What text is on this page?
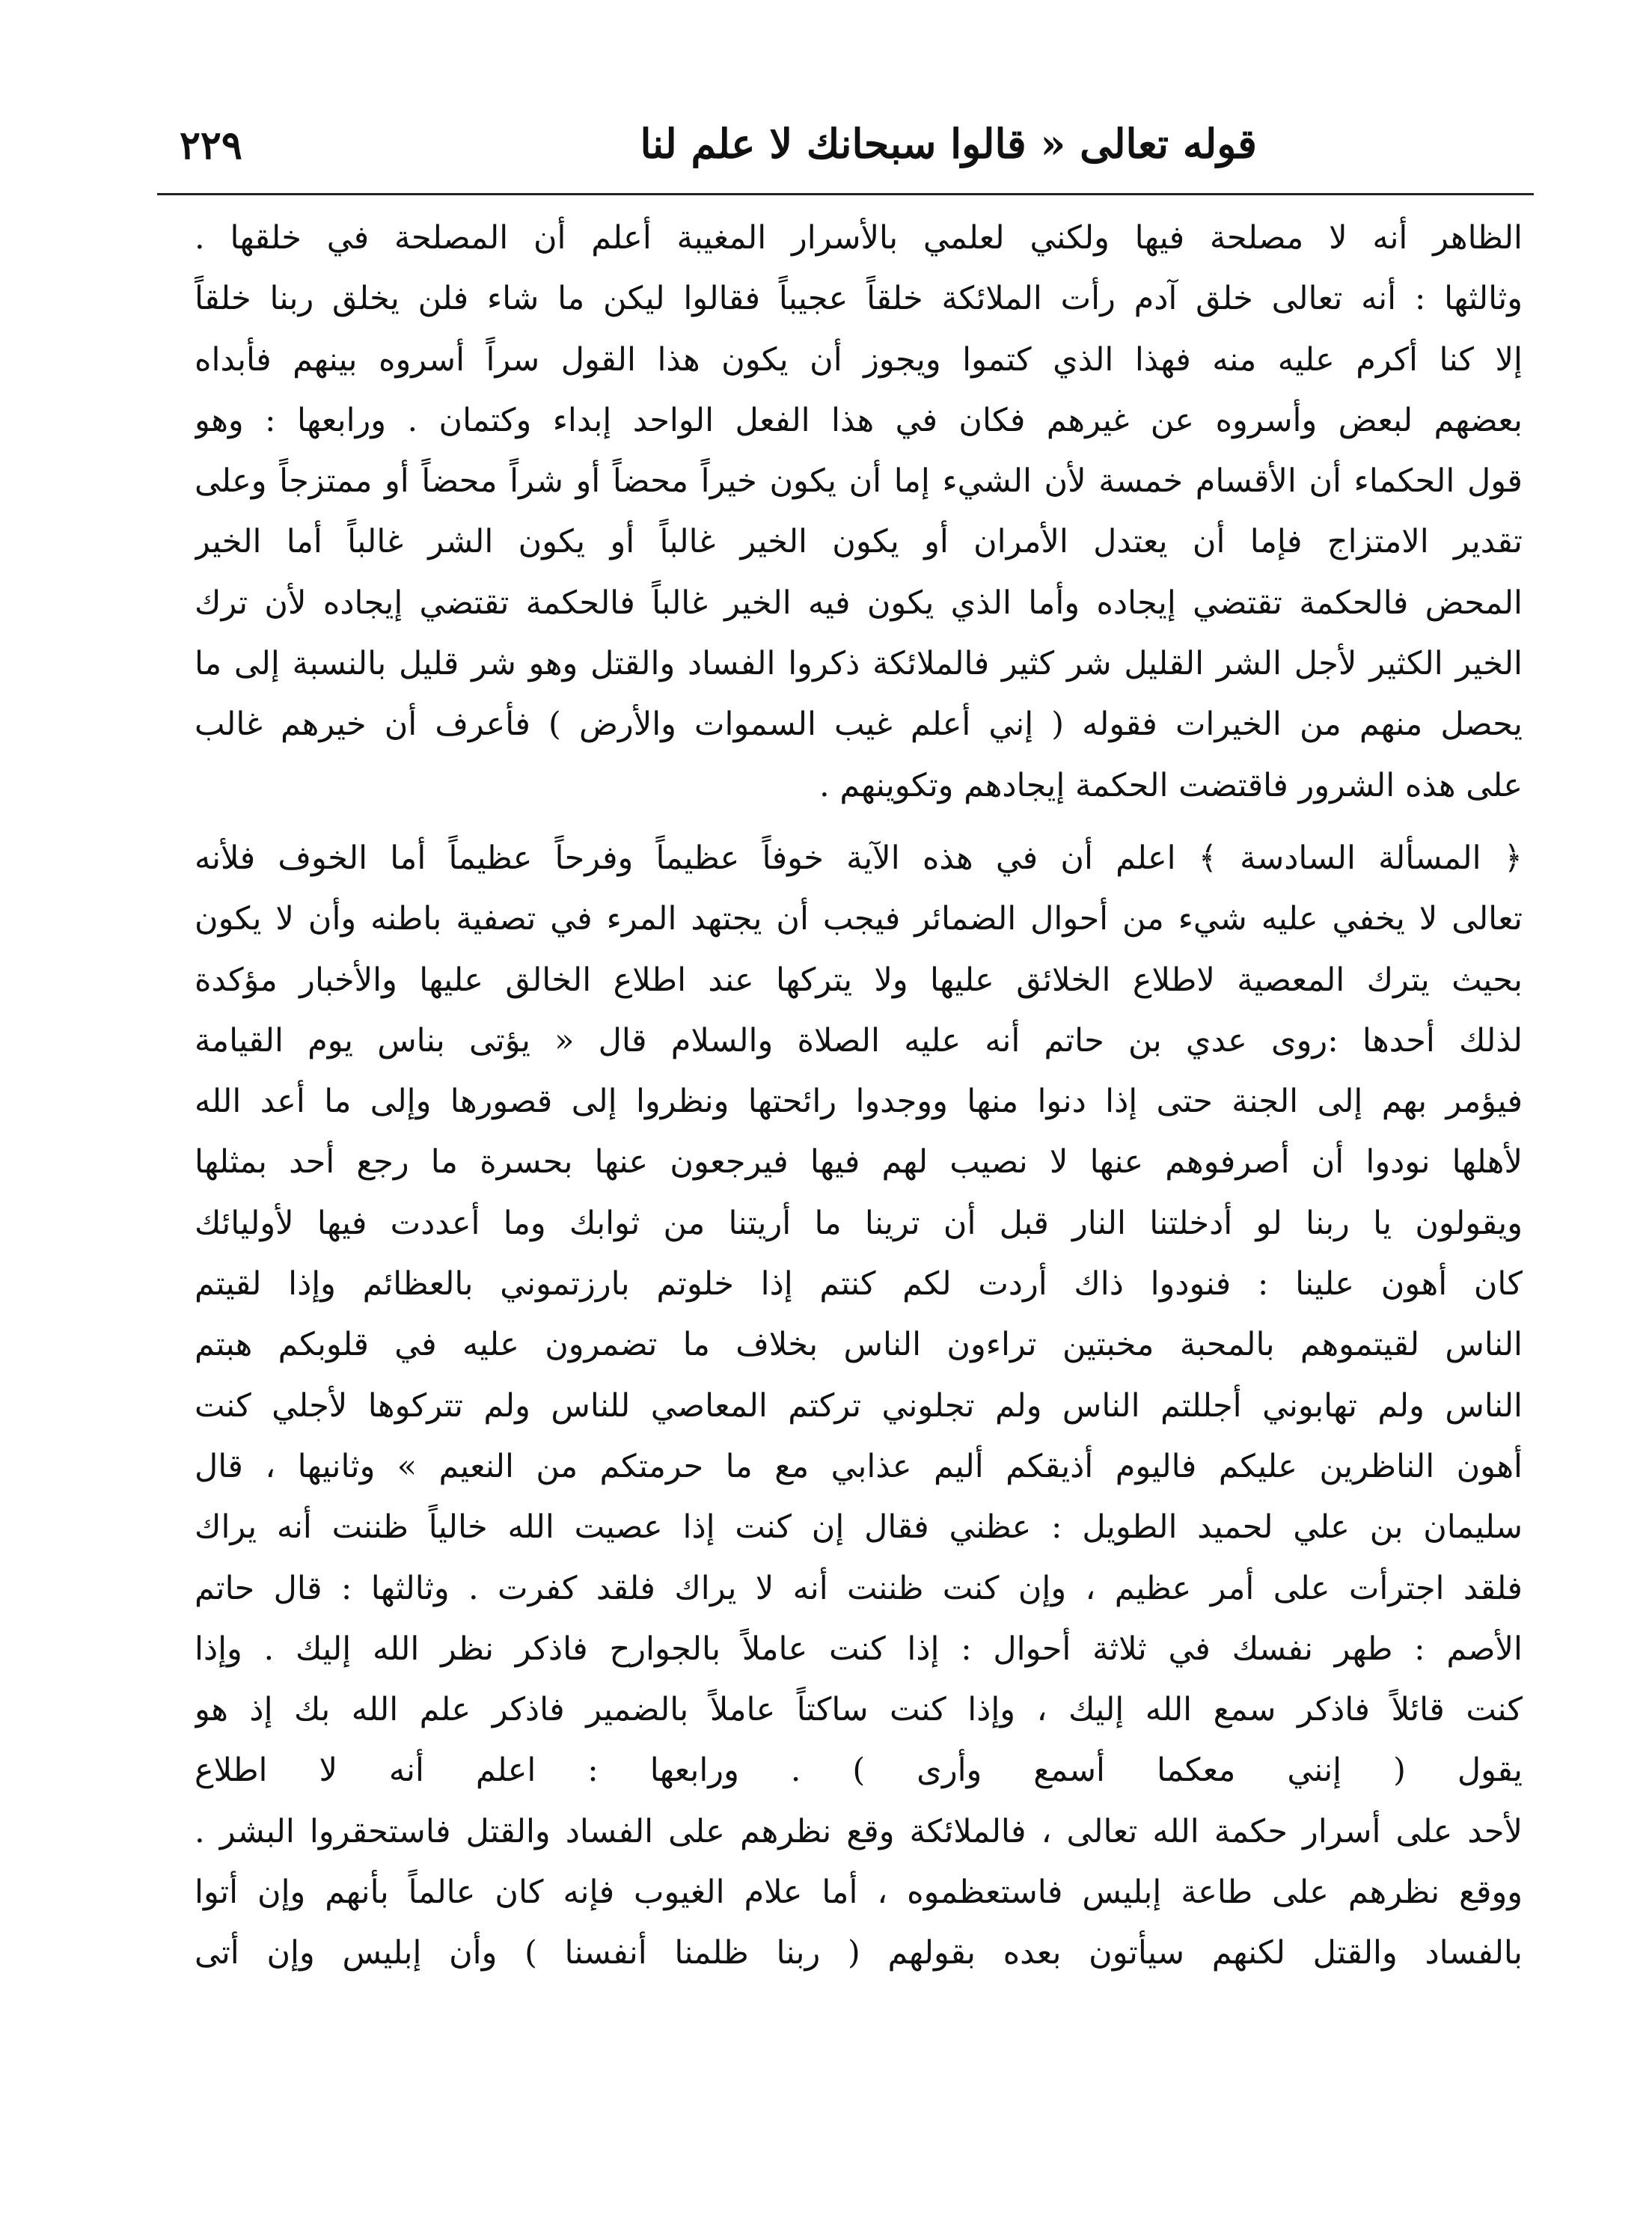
قوله تعالى « قالوا سبحانك لا علم لنا
٢٢٩
الظاهر أنه لا مصلحة فيها ولكني لعلمي بالأسرار المغيبة أعلم أن المصلحة في خلقها .
وثالثها : أنه تعالى خلق آدم رأت الملائكة خلقاً عجيباً فقالوا ليكن ما شاء فلن يخلق ربنا خلقاً
إلا كنا أكرم عليه منه فهذا الذي كتموا ويجوز أن يكون هذا القول سراً أسروه بينهم فأبداه
بعضهم لبعض وأسروه عن غيرهم فكان في هذا الفعل الواحد إبداء وكتمان . ورابعها : وهو
قول الحكماء أن الأقسام خمسة لأن الشيء إما أن يكون خيراً محضاً أو شراً محضاً أو ممتزجاً وعلى
تقدير الامتزاج فإما أن يعتدل الأمران أو يكون الخير غالباً أو يكون الشر غالباً أما الخير
المحض فالحكمة تقتضي إيجاده وأما الذي يكون فيه الخير غالباً فالحكمة تقتضي إيجاده لأن ترك
الخير الكثير لأجل الشر القليل شر كثير فالملائكة ذكروا الفساد والقتل وهو شر قليل بالنسبة إلى ما
يحصل منهم من الخيرات فقوله ( إني أعلم غيب السموات والأرض ) فأعرف أن خيرهم غالب
على هذه الشرور فاقتضت الحكمة إيجادهم وتكوينهم .
﴿ المسألة السادسة ﴾ اعلم أن في هذه الآية خوفاً عظيماً وفرحاً عظيماً أما الخوف فلأنه
تعالى لا يخفي عليه شيء من أحوال الضمائر فيجب أن يجتهد المرء في تصفية باطنه وأن لا يكون
بحيث يترك المعصية لاطلاع الخلائق عليها ولا يتركها عند اطلاع الخالق عليها والأخبار مؤكدة
لذلك أحدها :روى عدي بن حاتم أنه عليه الصلاة والسلام قال « يؤتى بناس يوم القيامة
فيؤمر بهم إلى الجنة حتى إذا دنوا منها ووجدوا رائحتها ونظروا إلى قصورها وإلى ما أعد الله
لأهلها نودوا أن أصرفوهم عنها لا نصيب لهم فيها فيرجعون عنها بحسرة ما رجع أحد بمثلها
ويقولون يا ربنا لو أدخلتنا النار قبل أن ترينا ما أريتنا من ثوابك وما أعددت فيها لأوليائك
كان أهون علينا : فنودوا ذاك أردت لكم كنتم إذا خلوتم بارزتموني بالعظائم وإذا لقيتم
الناس لقيتموهم بالمحبة مخبتين تراءون الناس بخلاف ما تضمرون عليه في قلوبكم هبتم
الناس ولم تهابوني أجللتم الناس ولم تجلوني تركتم المعاصي للناس ولم تتركوها لأجلي كنت
أهون الناظرين عليكم فاليوم أذيقكم أليم عذابي مع ما حرمتكم من النعيم » وثانيها ، قال
سليمان بن علي لحميد الطويل : عظني فقال إن كنت إذا عصيت الله خالياً ظننت أنه يراك
فلقد اجترأت على أمر عظيم ، وإن كنت ظننت أنه لا يراك فلقد كفرت . وثالثها : قال حاتم
الأصم : طهر نفسك في ثلاثة أحوال : إذا كنت عاملاً بالجوارح فاذكر نظر الله إليك . وإذا
كنت قائلاً فاذكر سمع الله إليك ، وإذا كنت ساكتاً عاملاً بالضمير فاذكر علم الله بك إذ هو
يقول ( إنني معكما أسمع وأرى ) . ورابعها : اعلم أنه لا اطلاع
لأحد على أسرار حكمة الله تعالى ، فالملائكة وقع نظرهم على الفساد والقتل فاستحقروا البشر .
ووقع نظرهم على طاعة إبليس فاستعظموه ، أما علام الغيوب فإنه كان عالماً بأنهم وإن أتوا
بالفساد والقتل لكنهم سيأتون بعده بقولهم ( ربنا ظلمنا أنفسنا ) وأن إبليس وإن أتى
